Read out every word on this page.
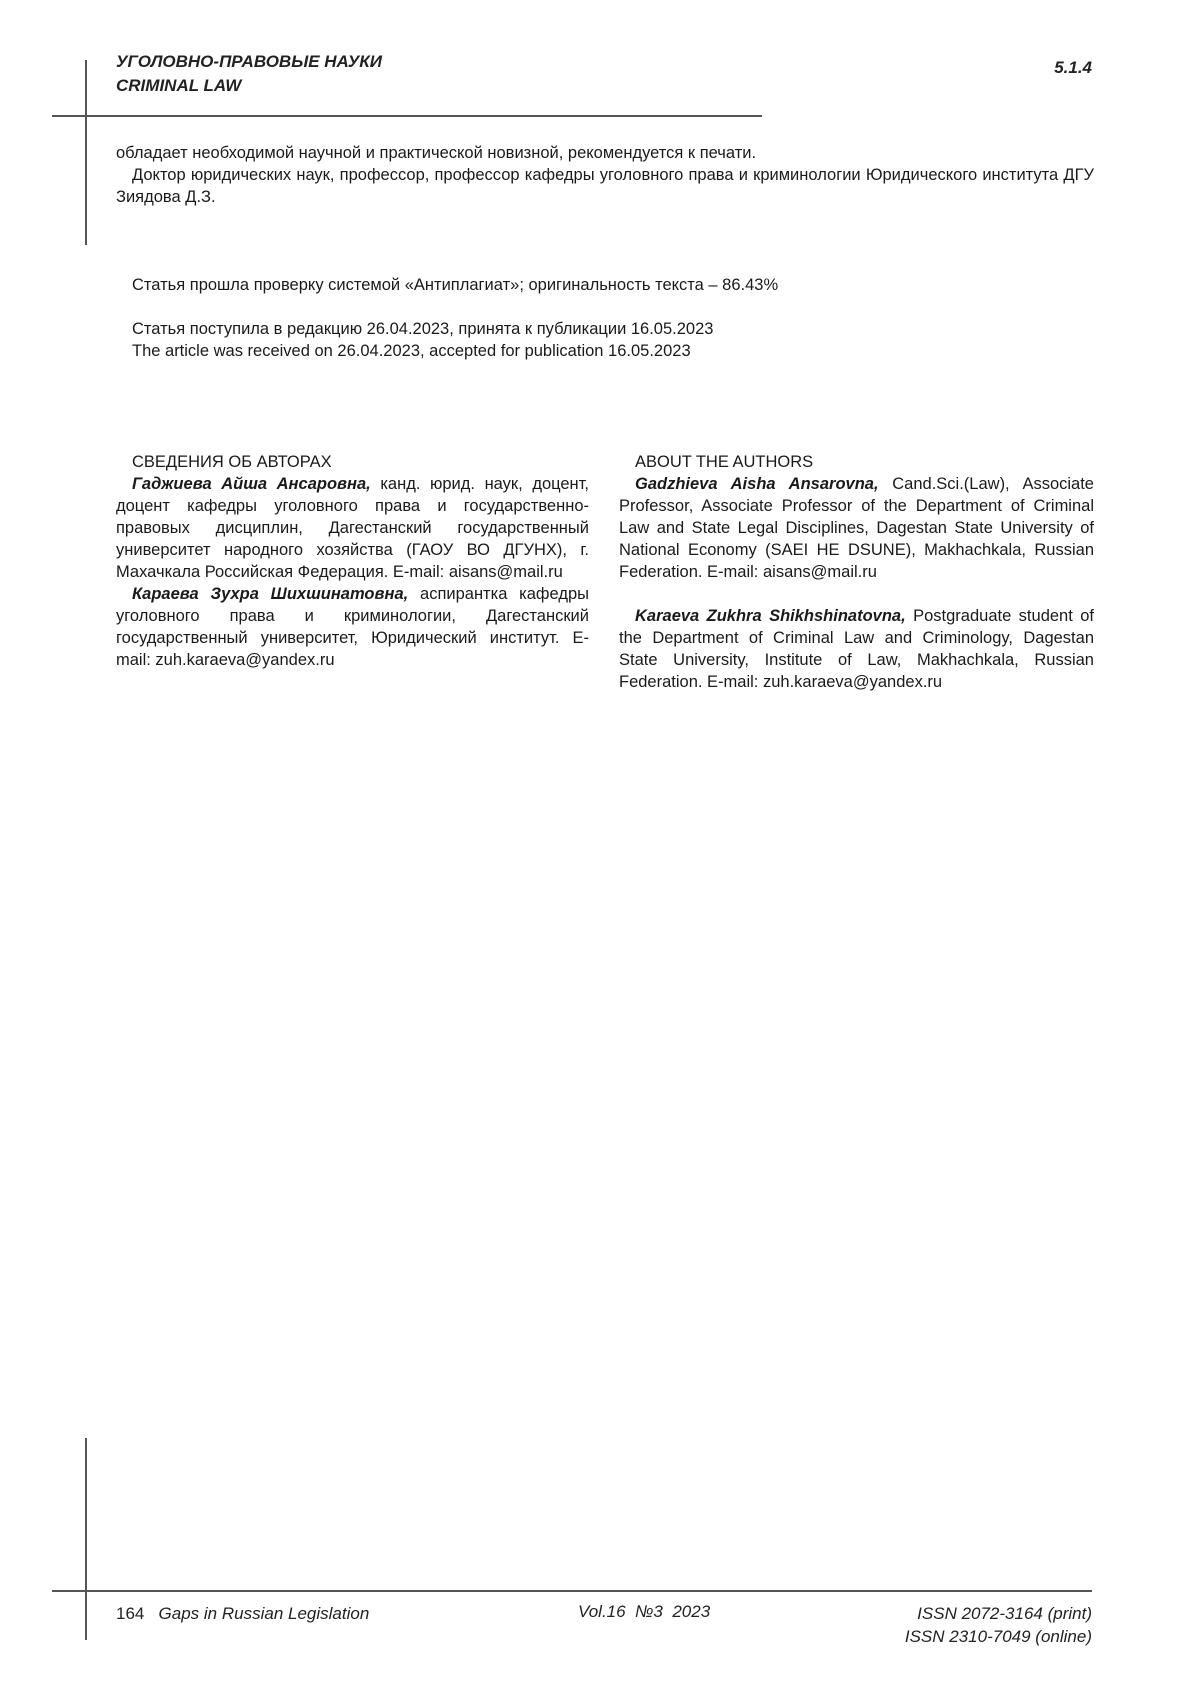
УГОЛОВНО-ПРАВОВЫЕ НАУКИ
CRIMINAL LAW
5.1.4
обладает необходимой научной и практической новизной, рекомендуется к печати.
Доктор юридических наук, профессор, профессор кафедры уголовного права и криминологии Юридического института ДГУ Зиядова Д.З.
Статья прошла проверку системой «Антиплагиат»; оригинальность текста – 86.43%
Статья поступила в редакцию 26.04.2023, принята к публикации 16.05.2023
The article was received on 26.04.2023, accepted for publication 16.05.2023
СВЕДЕНИЯ ОБ АВТОРАХ
Гаджиева Айша Ансаровна, канд. юрид. наук, доцент, доцент кафедры уголовного права и государственно-правовых дисциплин, Дагестанский государственный университет народного хозяйства (ГАОУ ВО ДГУНХ), г. Махачкала Российская Федерация. E-mail: aisans@mail.ru
Караева Зухра Шихшинатовна, аспирантка кафедры уголовного права и криминологии, Дагестанский государственный университет, Юридический институт. E-mail: zuh.karaeva@yandex.ru
ABOUT THE AUTHORS
Gadzhieva Aisha Ansarovna, Cand.Sci.(Law), Associate Professor, Associate Professor of the Department of Criminal Law and State Legal Disciplines, Dagestan State University of National Economy (SAEI HE DSUNE), Makhachkala, Russian Federation. E-mail: aisans@mail.ru
Karaeva Zukhra Shikhshinatovna, Postgraduate student of the Department of Criminal Law and Criminology, Dagestan State University, Institute of Law, Makhachkala, Russian Federation. E-mail: zuh.karaeva@yandex.ru
164 Gaps in Russian Legislation	Vol.16  №3  2023	ISSN 2072-3164 (print)
ISSN 2310-7049 (online)
